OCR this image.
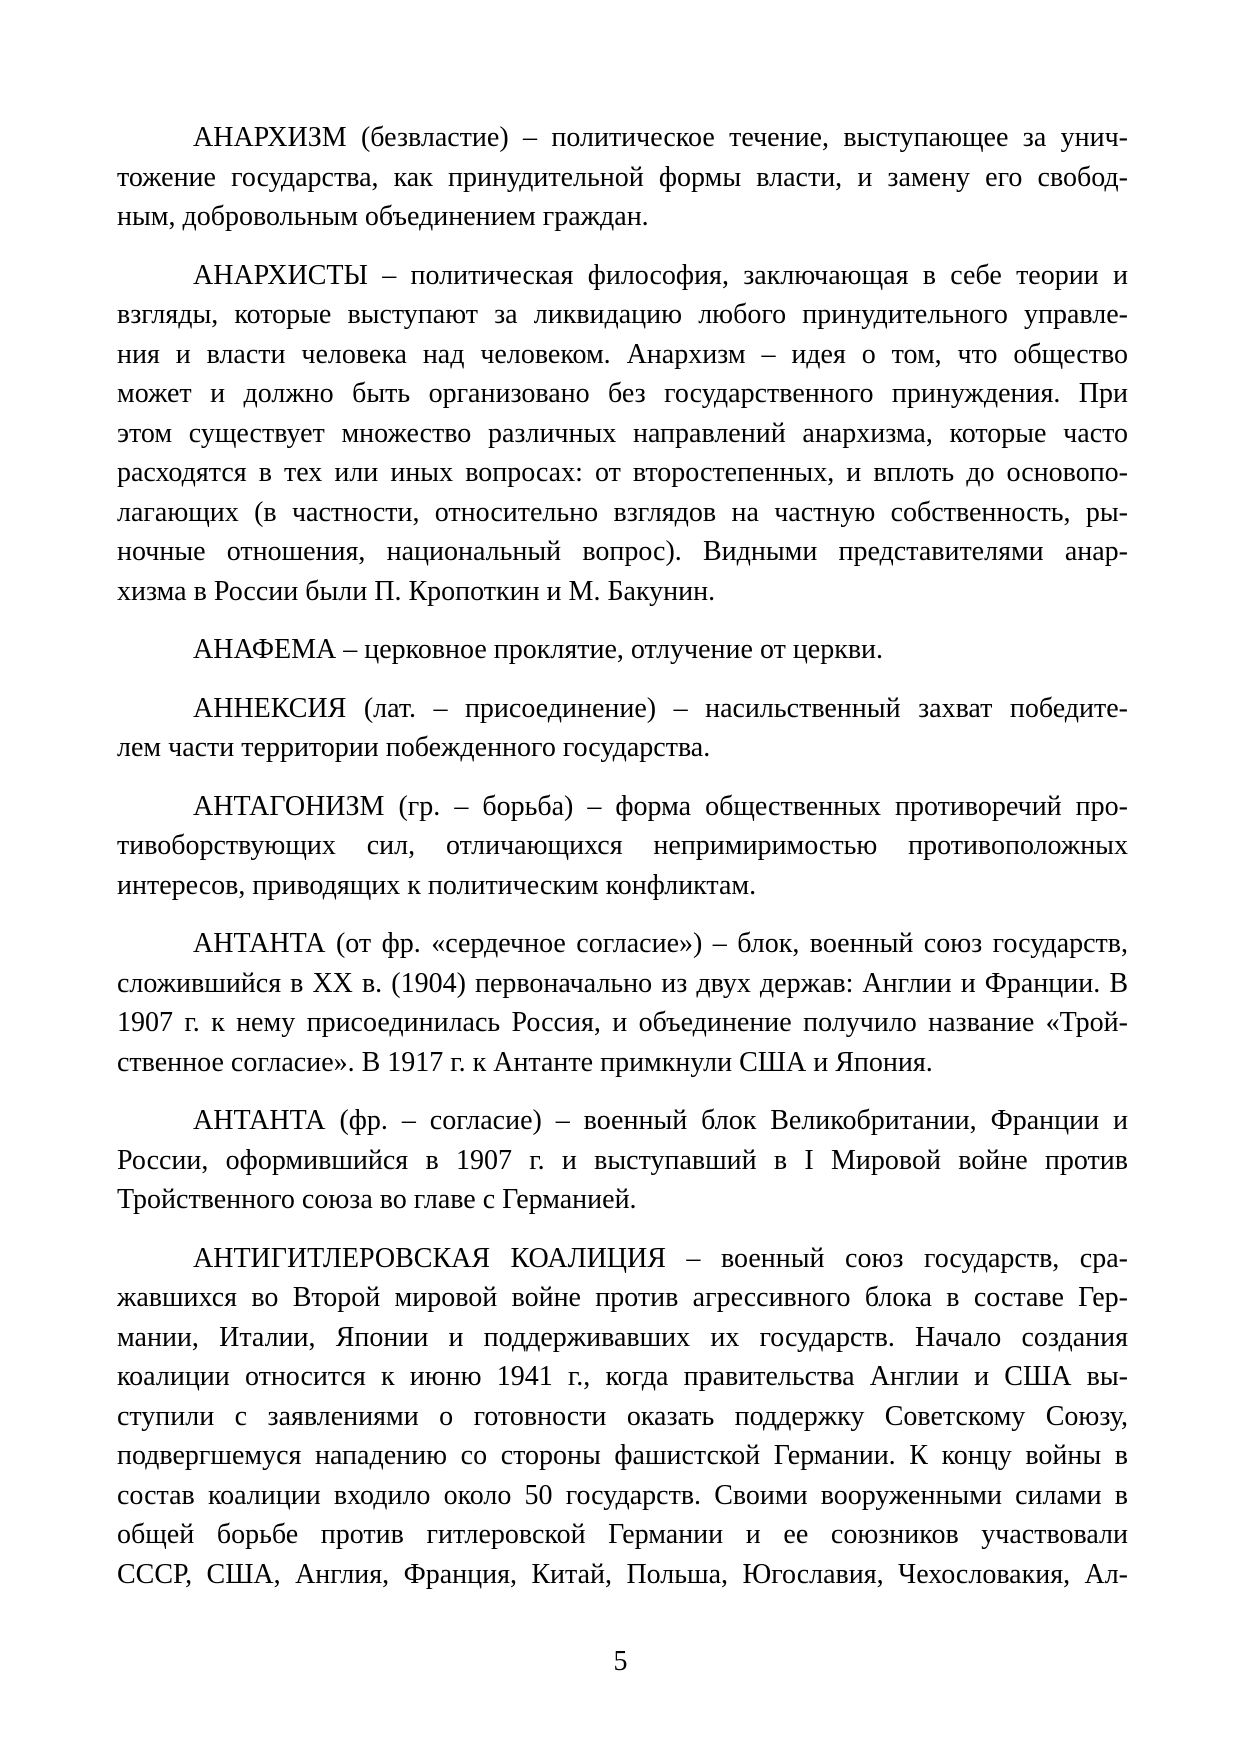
АНАРХИЗМ (безвластие) – политическое течение, выступающее за унич-
тожение государства, как принудительной формы власти, и замену его свобод-
ным, добровольным объединением граждан.
АНАРХИСТЫ – политическая философия, заключающая в себе теории и
взгляды, которые выступают за ликвидацию любого принудительного управле-
ния и власти человека над человеком. Анархизм – идея о том, что общество
может и должно быть организовано без государственного принуждения. При
этом существует множество различных направлений анархизма, которые часто
расходятся в тех или иных вопросах: от второстепенных, и вплоть до основопо-
лагающих (в частности, относительно взглядов на частную собственность, ры-
ночные отношения, национальный вопрос). Видными представителями анар-
хизма в России были П. Кропоткин и М. Бакунин.
АНАФЕМА – церковное проклятие, отлучение от церкви.
АННЕКСИЯ (лат. – присоединение) – насильственный захват победите-
лем части территории побежденного государства.
АНТАГОНИЗМ (гр. – борьба) – форма общественных противоречий про-
тивоборствующих сил, отличающихся непримиримостью противоположных
интересов, приводящих к политическим конфликтам.
АНТАНТА (от фр. «сердечное согласие») – блок, военный союз государств,
сложившийся в XX в. (1904) первоначально из двух держав: Англии и Франции. В
1907 г. к нему присоединилась Россия, и объединение получило название «Трой-
ственное согласие». В 1917 г. к Антанте примкнули США и Япония.
АНТАНТА (фр. – согласие) – военный блок Великобритании, Франции и
России, оформившийся в 1907 г. и выступавший в I Мировой войне против
Тройственного союза во главе с Германией.
АНТИГИТЛЕРОВСКАЯ КОАЛИЦИЯ – военный союз государств, сра-
жавшихся во Второй мировой войне против агрессивного блока в составе Гер-
мании, Италии, Японии и поддерживавших их государств. Начало создания
коалиции относится к июню 1941 г., когда правительства Англии и США вы-
ступили с заявлениями о готовности оказать поддержку Советскому Союзу,
подвергшемуся нападению со стороны фашистской Германии. К концу войны в
состав коалиции входило около 50 государств. Своими вооруженными силами в
общей борьбе против гитлеровской Германии и ее союзников участвовали
СССР, США, Англия, Франция, Китай, Польша, Югославия, Чехословакия, Ал-
5
